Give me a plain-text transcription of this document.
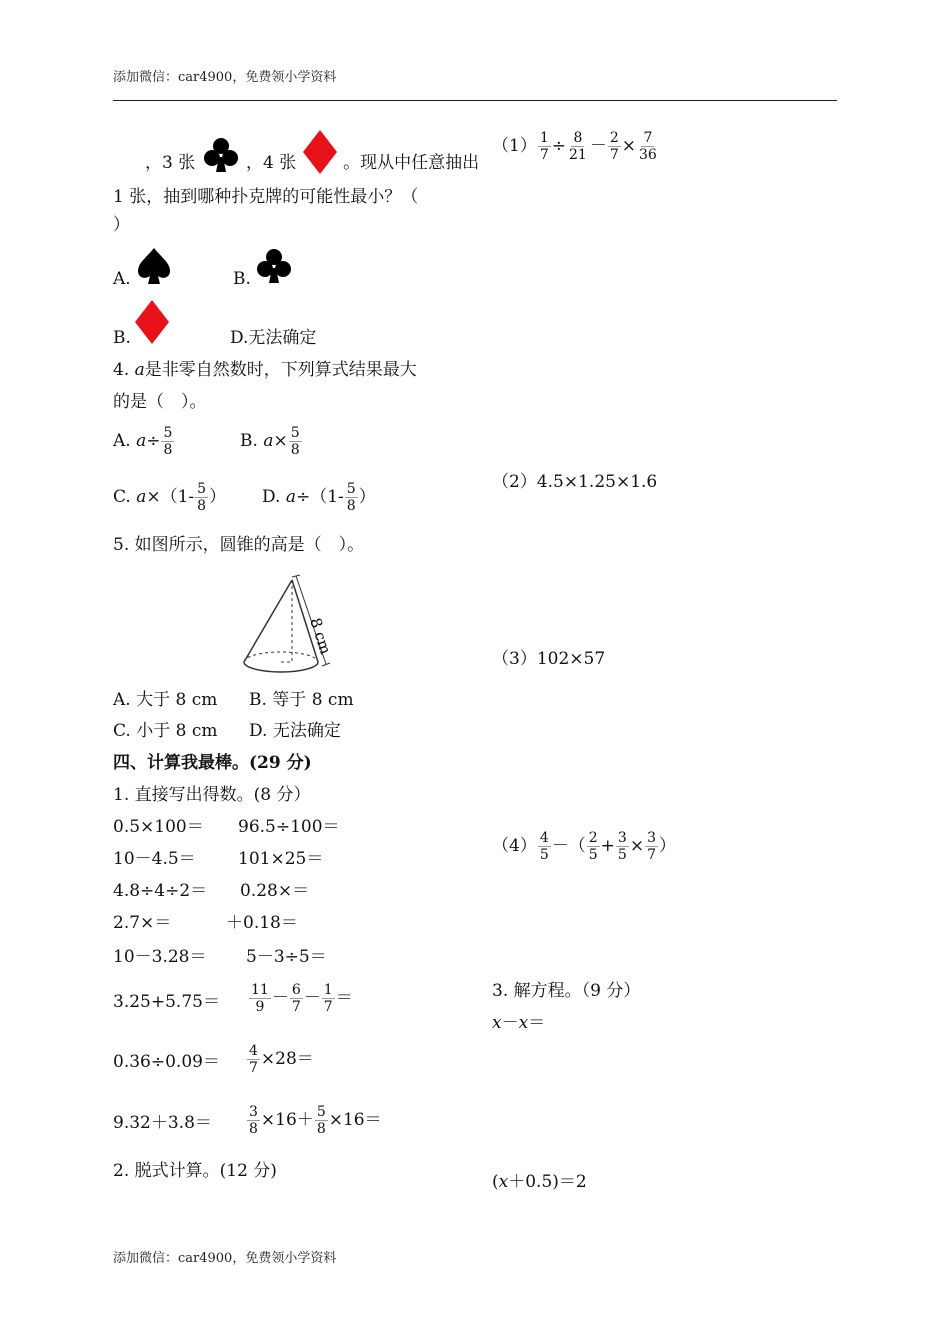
添加微信：car4900，免费领小学资料
，3 张	，4 张	。现从中任意抽出
1 张，抽到哪种扑克牌的可能性最小？（
）
A.	B.
B.	D.无法确定
4. a是非零自然数时，下列算式结果最大
的是（　）。
A. $a\div \frac{5}{8}$	B. $a\times \frac{5}{8}$
C. $a\times(1- \frac{5}{8}$ ） D. $a\div(1- \frac{5}{8}$ ）
5. 如图所示，圆锥的高是（　）。
8 cm
A. 大于 8 cm B. 等于 8 cm
C. 小于 8 cm D. 无法确定
四、计算我最棒。(29 分)
1. 直接写出得数。(8 分）
0.5×100＝ 96.5÷100＝
10－4.5＝ 101×25＝
4.8÷4÷2＝ 0.28×＝
2.7×＝	＋0.18＝
10－3.28＝ 5－3÷5＝
$3.25+5.75= \frac{11}{9} - \frac{6}{7} - \frac{1}{7}$ ＝
$0.36\div 0.09= \frac{4}{7} \times 28=$
9.32＋3.8＝	$\frac{3}{8} \times 16+ \frac{5}{8} \times 16=$
2. 脱式计算。(12 分)
$(1) \frac{1}{7} \div \frac{8}{21} - \frac{2}{7} \times \frac{7}{36}$
（2）4.5×1.25×1.6
（3）102×57
$(4) \frac{4}{5}$ －（ $\frac{2}{5} + \frac{3}{5} \times \frac{3}{7}$ ）
3. 解方程。（9 分）
x－x＝
(x＋0.5)＝2
添加微信：car4900，免费领小学资料
